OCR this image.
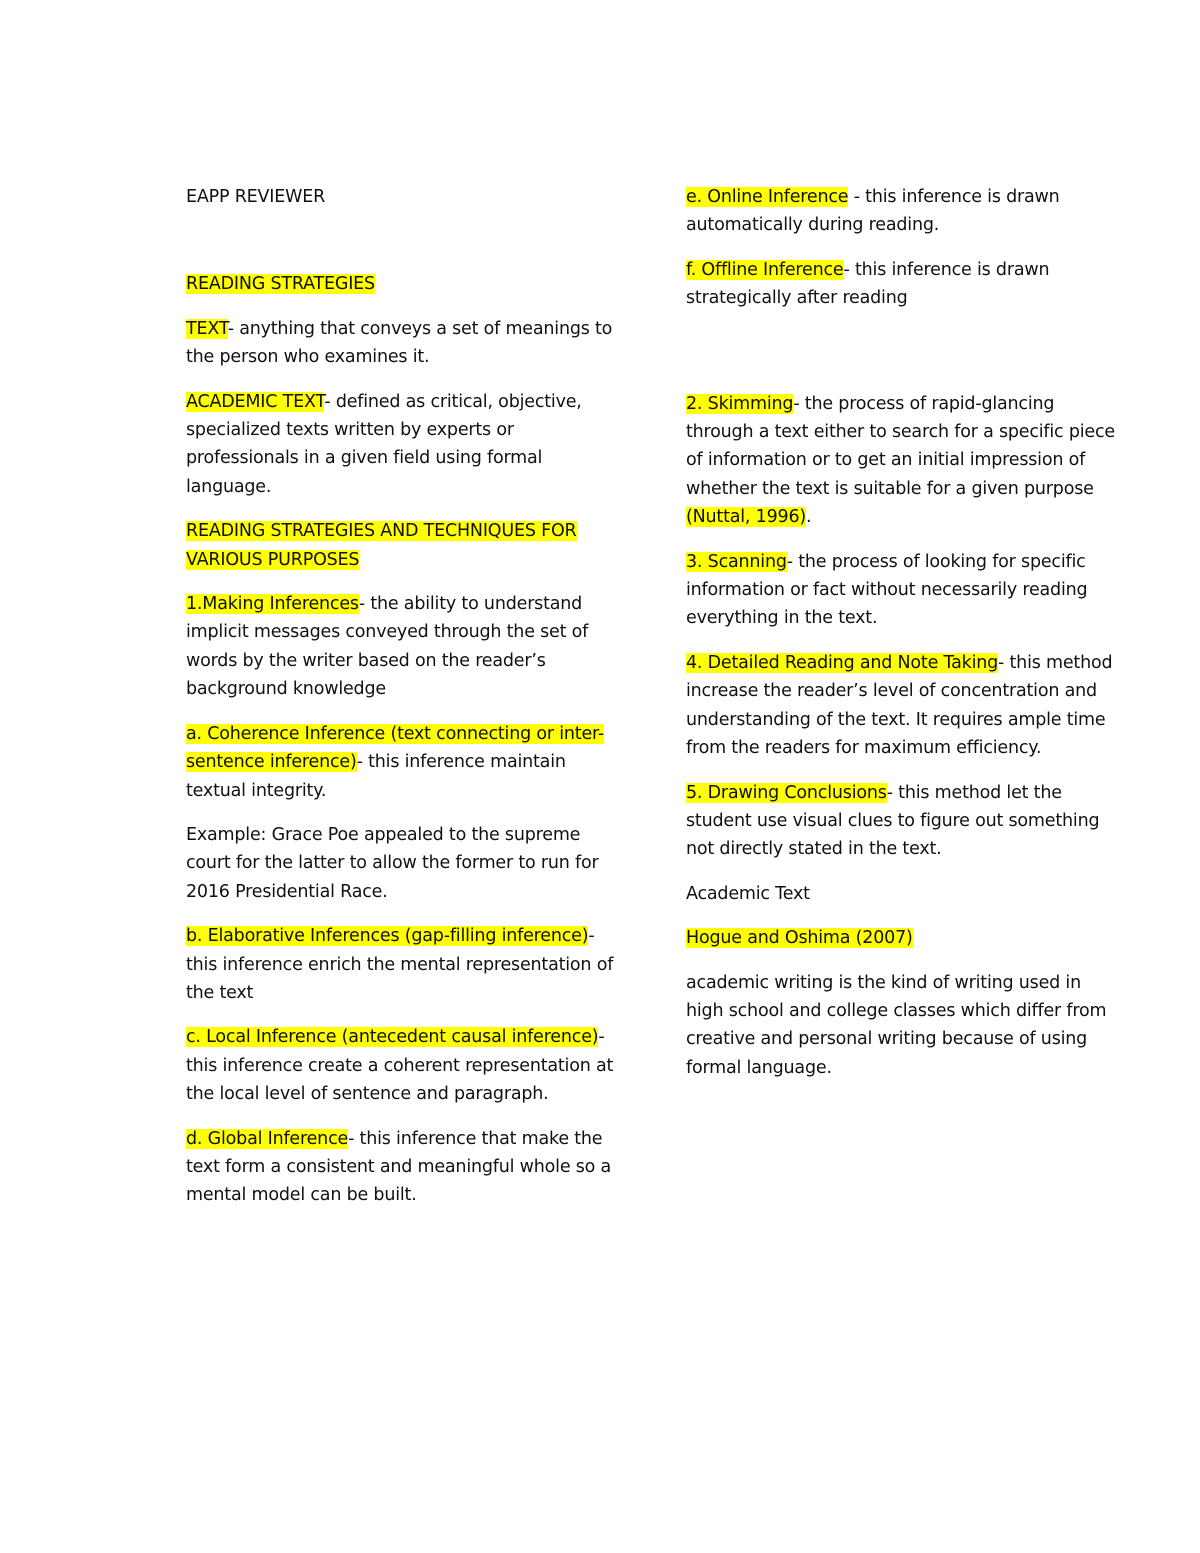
EAPP REVIEWER

READING STRATEGIES

TEXT- anything that conveys a set of meanings to the person who examines it.

ACADEMIC TEXT- defined as critical, objective, specialized texts written by experts or professionals in a given field using formal language.

READING STRATEGIES AND TECHNIQUES FOR VARIOUS PURPOSES

1.Making Inferences- the ability to understand implicit messages conveyed through the set of words by the writer based on the reader’s background knowledge

a. Coherence Inference (text connecting or inter-sentence inference)- this inference maintain textual integrity.

Example: Grace Poe appealed to the supreme court for the latter to allow the former to run for 2016 Presidential Race.

b. Elaborative Inferences (gap-filling inference)- this inference enrich the mental representation of the text

c. Local Inference (antecedent causal inference)- this inference create a coherent representation at the local level of sentence and paragraph.

d. Global Inference- this inference that make the text form a consistent and meaningful whole so a mental model can be built.

e. Online Inference - this inference is drawn automatically during reading.

f. Offline Inference- this inference is drawn strategically after reading

2. Skimming- the process of rapid-glancing through a text either to search for a specific piece of information or to get an initial impression of whether the text is suitable for a given purpose (Nuttal, 1996).

3. Scanning- the process of looking for specific information or fact without necessarily reading everything in the text.

4. Detailed Reading and Note Taking- this method increase the reader’s level of concentration and understanding of the text. It requires ample time from the readers for maximum efficiency.

5. Drawing Conclusions- this method let the student use visual clues to figure out something not directly stated in the text.

Academic Text

Hogue and Oshima (2007)

academic writing is the kind of writing used in high school and college classes which differ from creative and personal writing because of using formal language.
